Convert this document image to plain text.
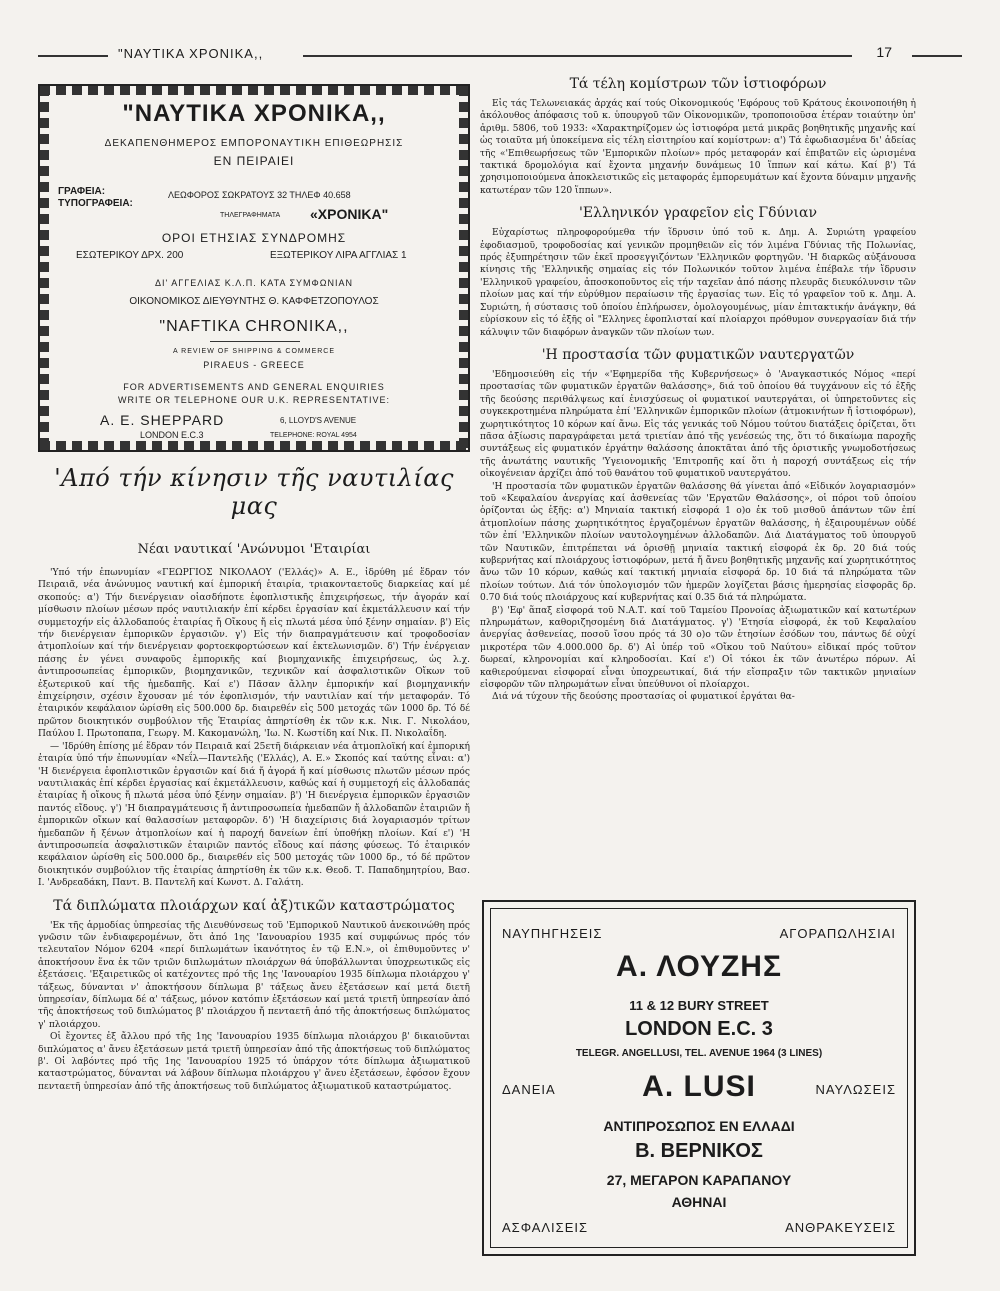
"ΝΑΥΤΙΚΑ ΧΡΟΝΙΚΑ,,	17
"ΝΑΥΤΙΚΑ ΧΡΟΝΙΚΑ,,
ΔΕΚΑΠΕΝΘΗΜΕΡΟΣ ΕΜΠΟΡΟΝΑΥΤΙΚΗ ΕΠΙΘΕΩΡΗΣΙΣ
ΕΝ ΠΕΙΡΑΙΕΙ
ΓΡΑΦΕΙΑ:
ΤΥΠΟΓΡΑΦΕΙΑ:
ΛΕΩΦΟΡΟΣ ΣΩΚΡΑΤΟΥΣ 32 ΤΗΛΕΦ 40.658
ΤΗΛΕΓΡΑΦΗΜΑΤΑ «ΧΡΟΝΙΚΑ"
ΟΡΟΙ ΕΤΗΣΙΑΣ ΣΥΝΔΡΟΜΗΣ
ΕΣΩΤΕΡΙΚΟΥ ΔΡΧ. 200	ΕΞΩΤΕΡΙΚΟΥ ΛΙΡΑ ΑΓΓΛΙΑΣ 1
ΔΙ' ΑΓΓΕΛΙΑΣ Κ.Λ.Π. ΚΑΤΑ ΣΥΜΦΩΝΙΑΝ
ΟΙΚΟΝΟΜΙΚΟΣ ΔΙΕΥΘΥΝΤΗΣ Θ. ΚΑΦΦΕΤΖΟΠΟΥΛΟΣ
"NAFTIKA CHRONIKA,,
A REVIEW OF SHIPPING & COMMERCE
PIRAEUS - GREECE
FOR ADVERTISEMENTS AND GENERAL ENQUIRIES
WRITE OR TELEPHONE OUR U.K. REPRESENTATIVE:
A. E. SHEPPARD	6, LLOYD'S AVENUE
LONDON E.C.3	TELEPHONE: ROYAL 4954
'Από τήν κίνησιν τῆς ναυτιλίας μας
Νέαι ναυτικαί 'Ανώνυμοι 'Εταιρίαι

'Υπό τήν ἐπωνυμίαν «ΓΕΩΡΓΙΟΣ ΝΙΚΟΛΑΟΥ ('Ελλάς)» Α. Ε., ἱδρύθη μέ ἕδραν τόν Πειραιᾶ, νέα ἀνώνυμος ναυτική καί ἐμπορική ἑταιρία, τριακονταετοῦς διαρκείας καί μέ σκοπούς: α') Τήν διενέργειαν οἱασδήποτε ἐφοπλιστικῆς ἐπιχειρήσεως, τήν ἀγοράν καί μίσθωσιν πλοίων μέσων πρός ναυτιλιακήν ἐπί κέρδει ἐργασίαν καί ἐκμετάλλευσιν καί τήν συμμετοχήν εἰς ἀλλοδαπούς ἑταιρίας ἤ Οἴκους ἤ εἰς πλωτά μέσα ὑπό ξένην σημαίαν. β') Εἰς τήν διενέργειαν ἐμπορικῶν ἐργασιῶν. γ') Εἰς τήν διαπραγμάτευσιν καί τροφοδοσίαν ἀτμοπλοίων καί τήν διενέργειαν φορτοεκφορτώσεων καί ἐκτελωνισμῶν. δ') Τήν ἐνέργειαν πάσης ἐν γένει συναφοῦς ἐμπορικῆς καί βιομηχανικῆς ἐπιχειρήσεως, ὡς λ.χ. ἀντιπροσωπείας ἐμπορικῶν, βιομηχανικῶν, τεχνικῶν καί ἀσφαλιστικῶν Οἴκων τοῦ ἐξωτερικοῦ καί τῆς ἡμεδαπῆς. Καί ε') Πᾶσαν ἄλλην ἐμπορικήν καί βιομηχανικήν ἐπιχείρησιν, σχέσιν ἔχουσαν μέ τόν ἐφοπλισμόν, τήν ναυτιλίαν καί τήν μεταφοράν. Τό ἑταιρικόν κεφάλαιον ὡρίσθη εἰς 500.000 δρ. διαιρεθέν εἰς 500 μετοχάς τῶν 1000 δρ. Τό δέ πρῶτον διοικητικόν συμβούλιον τῆς Ἑταιρίας ἀπηρτίσθη ἐκ τῶν κ.κ. Νικ. Γ. Νικολάου, Παύλου Ι. Πρωτοπαπα, Γεωργ. Μ. Κακομανώλη, 'Ιω. Ν. Κωστίδη καί Νικ. Π. Νικολαΐδη.

— 'Ιδρύθη ἐπίσης μέ ἕδραν τόν Πειραιᾶ καί 25ετῆ διάρκειαν νέα ἀτμοπλοϊκή καί ἐμπορική ἑταιρία ὑπό τήν ἐπωνυμίαν «Νεΐλ—Παντελῆς ('Ελλάς), Α. Ε.» Σκοπός καί ταύτης εἶναι: α') 'Η διενέργεια ἐφοπλιστικῶν ἐργασιῶν καί διά ἤ ἀγορά ἤ καί μίσθωσις πλωτῶν μέσων πρός ναυτιλιακάς ἐπί κέρδει ἐργασίας καί ἐκμετάλλευσιν, καθώς καί ἡ συμμετοχή εἰς ἀλλοδαπάς ἑταιρίας ἤ οἴκους ἤ πλωτά μέσα ὑπό ξένην σημαίαν. β') 'Η διενέργεια ἐμπορικῶν ἐργασιῶν παντός εἴδους. γ') 'Η διαπραγμάτευσις ἤ ἀντιπροσωπεία ἡμεδαπῶν ἤ ἀλλοδαπῶν ἑταιριῶν ἤ ἐμπορικῶν οἴκων καί θαλασσίων μεταφορῶν. δ') 'Η διαχείρισις διά λογαριασμόν τρίτων ἡμεδαπῶν ἤ ξένων ἀτμοπλοίων καί ἡ παροχή δανείων ἐπί ὑποθήκῃ πλοίων. Καί ε') 'Η ἀντιπροσωπεία ἀσφαλιστικῶν ἑταιριῶν παντός εἴδους καί πάσης φύσεως. Τό ἑταιρικόν κεφάλαιον ὡρίσθη εἰς 500.000 δρ., διαιρεθέν εἰς 500 μετοχάς τῶν 1000 δρ., τό δέ πρῶτον διοικητικόν συμβούλιον τῆς ἑταιρίας ἀπηρτίσθη ἐκ τῶν κ.κ. Θεοδ. Τ. Παπαδημητρίου, Βασ. Ι. 'Ανδρεαδάκη, Παντ. Β. Παντελῆ καί Κωνστ. Δ. Γαλάτη.

Τά διπλώματα πλοιάρχων καί ἀξ)τικῶν καταστρώματος

'Εκ τῆς ἁρμοδίας ὑπηρεσίας τῆς Διευθύνσεως τοῦ 'Εμπορικοῦ Ναυτικοῦ ἀνεκοινώθη πρός γνῶσιν τῶν ἐνδιαφερομένων, ὅτι ἀπό 1ης 'Ιανουαρίου 1935 καί συμφώνως πρός τόν τελευταῖον Νόμον 6204 «περί διπλωμάτων ἱκανότητος ἐν τῷ Ε.Ν.», οἱ ἐπιθυμοῦντες ν' ἀποκτήσουν ἕνα ἐκ τῶν τριῶν διπλωμάτων πλοιάρχων θά ὑποβάλλωνται ὑποχρεωτικῶς εἰς ἐξετάσεις. 'Εξαιρετικῶς οἱ κατέχοντες πρό τῆς 1ης 'Ιανουαρίου 1935 δίπλωμα πλοιάρχου γ' τάξεως, δύνανται ν' ἀποκτήσουν δίπλωμα β' τάξεως ἄνευ ἐξετάσεων καί μετά διετῆ ὑπηρεσίαν, δίπλωμα δέ α' τάξεως, μόνον κατόπιν ἐξετάσεων καί μετά τριετῆ ὑπηρεσίαν ἀπό τῆς ἀποκτήσεως τοῦ διπλώματος β' πλοιάρχου ἤ πενταετῆ ἀπό τῆς ἀποκτήσεως διπλώματος γ' πλοιάρχου.

Οἱ ἔχοντες ἐξ ἄλλου πρό τῆς 1ης 'Ιανουαρίου 1935 δίπλωμα πλοιάρχου β' δικαιοῦνται διπλώματος α' ἄνευ ἐξετάσεων μετά τριετῆ ὑπηρεσίαν ἀπό τῆς ἀποκτήσεως τοῦ διπλώματος β'. Οἱ λαβόντες πρό τῆς 1ης 'Ιανουαρίου 1925 τό ὑπάρχον τότε δίπλωμα ἀξιωματικοῦ καταστρώματος, δύνανται νά λάβουν δίπλωμα πλοιάρχου γ' ἄνευ ἐξετάσεων, ἐφόσον ἔχουν πενταετῆ ὑπηρεσίαν ἀπό τῆς ἀποκτήσεως τοῦ διπλώματος ἀξιωματικοῦ καταστρώματος.

Τά τέλη κομίστρων τῶν ἱστιοφόρων

Εἰς τάς Τελωνειακάς ἀρχάς καί τούς Οἰκονομικούς 'Εφόρους τοῦ Κράτους ἐκοινοποιήθη ἡ ἀκόλουθος ἀπόφασις τοῦ κ. ὑπουργοῦ τῶν Οἰκονομικῶν, τροποποιοῦσα ἑτέραν τοιαύτην ὑπ' ἀριθμ. 5806, τοῦ 1933: «Χαρακτηρίζομεν ὡς ἱστιοφόρα μετά μικρᾶς βοηθητικῆς μηχανῆς καί ὡς τοιαῦτα μή ὑποκείμενα εἰς τέλη εἰσιτηρίου καί κομίστρων: α') Τά ἐφωδιασμένα δι' ἀδείας τῆς «'Επιθεωρήσεως τῶν 'Εμπορικῶν πλοίων» πρός μεταφοράν καί ἐπιβατῶν εἰς ὡρισμένα τακτικά δρομολόγια καί ἔχοντα μηχανήν δυνάμεως 10 ἵππων καί κάτω. Καί β') Τά χρησιμοποιούμενα ἀποκλειστικῶς εἰς μεταφοράς ἐμπορευμάτων καί ἔχοντα δύναμιν μηχανῆς κατωτέραν τῶν 120 ἵππων».

'Ελληνικόν γραφεῖον εἰς Γδύνιαν

Εὐχαρίστως πληροφορούμεθα τήν ἵδρυσιν ὑπό τοῦ κ. Δημ. Α. Συριώτη γραφείου ἐφοδιασμοῦ, τροφοδοσίας καί γενικῶν προμηθειῶν εἰς τόν λιμένα Γδύνιας τῆς Πολωνίας, πρός ἐξυπηρέτησιν τῶν ἐκεῖ προσεγγιζόντων 'Ελληνικῶν φορτηγῶν. 'Η διαρκῶς αὐξάνουσα κίνησις τῆς 'Ελληνικῆς σημαίας εἰς τόν Πολωνικόν τοῦτον λιμένα ἐπέβαλε τήν ἵδρυσιν 'Ελληνικοῦ γραφείου, ἀποσκοποῦντος εἰς τήν ταχεῖαν ἀπό πάσης πλευρᾶς διευκόλυνσιν τῶν πλοίων μας καί τήν εὐρύθμον περαίωσιν τῆς ἐργασίας των. Εἰς τό γραφεῖον τοῦ κ. Δημ. Α. Συριώτη, ἡ σύστασις τοῦ ὁποίου ἐπλήρωσεν, ὁμολογουμένως, μίαν ἐπιτακτικήν ἀνάγκην, θά εὑρίσκουν εἰς τό ἑξῆς οἱ "Ελληνες ἐφοπλισταί καί πλοίαρχοι πρόθυμον συνεργασίαν διά τήν κάλυψιν τῶν διαφόρων ἀναγκῶν τῶν πλοίων των.

'Η προστασία τῶν φυματικῶν ναυτεργατῶν

'Εδημοσιεύθη εἰς τήν «'Εφημερίδα τῆς Κυβερνήσεως» ὁ 'Αναγκαστικός Νόμος «περί προστασίας τῶν φυματικῶν ἐργατῶν θαλάσσης», διά τοῦ ὁποίου θά τυγχάνουν εἰς τό ἑξῆς τῆς δεούσης περιθάλψεως καί ἐνισχύσεως οἱ φυματικοί ναυτεργάται, οἱ ὑπηρετοῦντες εἰς συγκεκροτημένα πληρώματα ἐπί 'Ελληνικῶν ἐμπορικῶν πλοίων (ἀτμοκινήτων ἤ ἱστιοφόρων), χωρητικότητος 10 κόρων καί ἄνω. Εἰς τάς γενικάς τοῦ Νόμου τούτου διατάξεις ὁρίζεται, ὅτι πᾶσα ἀξίωσις παραγράφεται μετά τριετίαν ἀπό τῆς γενέσεώς της, ὅτι τό δικαίωμα παροχῆς συντάξεως εἰς φυματικόν ἐργάτην θαλάσσης ἀποκτᾶται ἀπό τῆς ὁριστικῆς γνωμοδοτήσεως τῆς ἁνωτάτης ναυτικῆς 'Υγειονομικῆς 'Επιτροπῆς καί ὅτι ἡ παροχή συντάξεως εἰς τήν οἰκογένειαν ἀρχίζει ἀπό τοῦ θανάτου τοῦ φυματικοῦ ναυτεργάτου.

'Η προστασία τῶν φυματικῶν ἐργατῶν θαλάσσης θά γίνεται ἀπό «Εἰδικόν λογαριασμόν» τοῦ «Κεφαλαίου ἀνεργίας καί ἀσθενείας τῶν 'Εργατῶν Θαλάσσης», οἱ πόροι τοῦ ὁποίου ὁρίζονται ὡς ἑξῆς: α') Μηνιαία τακτική εἰσφορά 1 ο)ο ἐκ τοῦ μισθοῦ ἁπάντων τῶν ἐπί ἀτμοπλοίων πάσης χωρητικότητος ἐργαζομένων ἐργατῶν θαλάσσης, ἠ ἐξαιρουμένων οὐδέ τῶν ἐπί 'Ελληνικῶν πλοίων ναυτολογημένων ἀλλοδαπῶν. Διά Διατάγματος τοῦ ὑπουργοῦ τῶν Ναυτικῶν, ἐπιτρέπεται νά ὁρισθῇ μηνιαία τακτική εἰσφορά ἐκ δρ. 20 διά τούς κυβερνήτας καί πλοιάρχους ἱστιοφόρων, μετά ἤ ἄνευ βοηθητικῆς μηχανῆς καί χωρητικότητος ἄνω τῶν 10 κόρων, καθώς καί τακτική μηνιαία εἰσφορά δρ. 10 διά τά πληρώματα τῶν πλοίων τούτων. Διά τόν ὑπολογισμόν τῶν ἡμερῶν λογίζεται βάσις ἡμερησίας εἰσφορᾶς δρ. 0.70 διά τούς πλοιάρχους καί κυβερνήτας καί 0.35 διά τά πληρώματα.

β') 'Εφ' ἅπαξ εἰσφορά τοῦ Ν.Α.Τ. καί τοῦ Ταμείου Προνοίας ἀξιωματικῶν καί κατωτέρων πληρωμάτων, καθοριζησομένη διά Διατάγματος. γ') 'Ετησία εἰσφορά, ἐκ τοῦ Κεφαλαίου ἀνεργίας ἀσθενείας, ποσοῦ ἴσου πρός τά 30 ο)ο τῶν ἐτησίων ἐσόδων του, πάντως δέ οὐχί μικροτέρα τῶν 4.000.000 δρ. δ') Αἱ ὑπέρ τοῦ «Οἴκου τοῦ Ναύτου» εἰδικαί πρός τοῦτον δωρεαί, κληρονομίαι καί κληροδοσίαι. Καί ε') Οἱ τόκοι ἐκ τῶν ἀνωτέρω πόρων. Αἱ καθιερούμεναι εἰσφοραί εἶναι ὑποχρεωτικαί, διά τήν εἴσπραξιν τῶν τακτικῶν μηνιαίων εἰσφορῶν τῶν πληρωμάτων εἶναι ὑπεύθυνοι οἱ πλοίαρχοι.

Διά νά τύχουν τῆς δεούσης προστασίας οἱ φυματικοί ἐργάται θα-

ΝΑΥΠΗΓΗΣΕΙΣ	ΑΓΟΡΑΠΩΛΗΣΙΑΙ
Α. ΛΟΥΖΗΣ
11 & 12 BURY STREET
LONDON E.C. 3
TELEGR. ANGELLUSI, TEL. AVENUE 1964 (3 LINES)
ΔΑΝΕΙΑ	A. LUSI	ΝΑΥΛΩΣΕΙΣ
ΑΝΤΙΠΡΟΣΩΠΟΣ ΕΝ ΕΛΛΑΔΙ
Β. ΒΕΡΝΙΚΟΣ
27, ΜΕΓΑΡΟΝ ΚΑΡΑΠΑΝΟΥ
ΑΘΗΝΑΙ
ΑΣΦΑΛΙΣΕΙΣ	ΑΝΘΡΑΚΕΥΣΕΙΣ
